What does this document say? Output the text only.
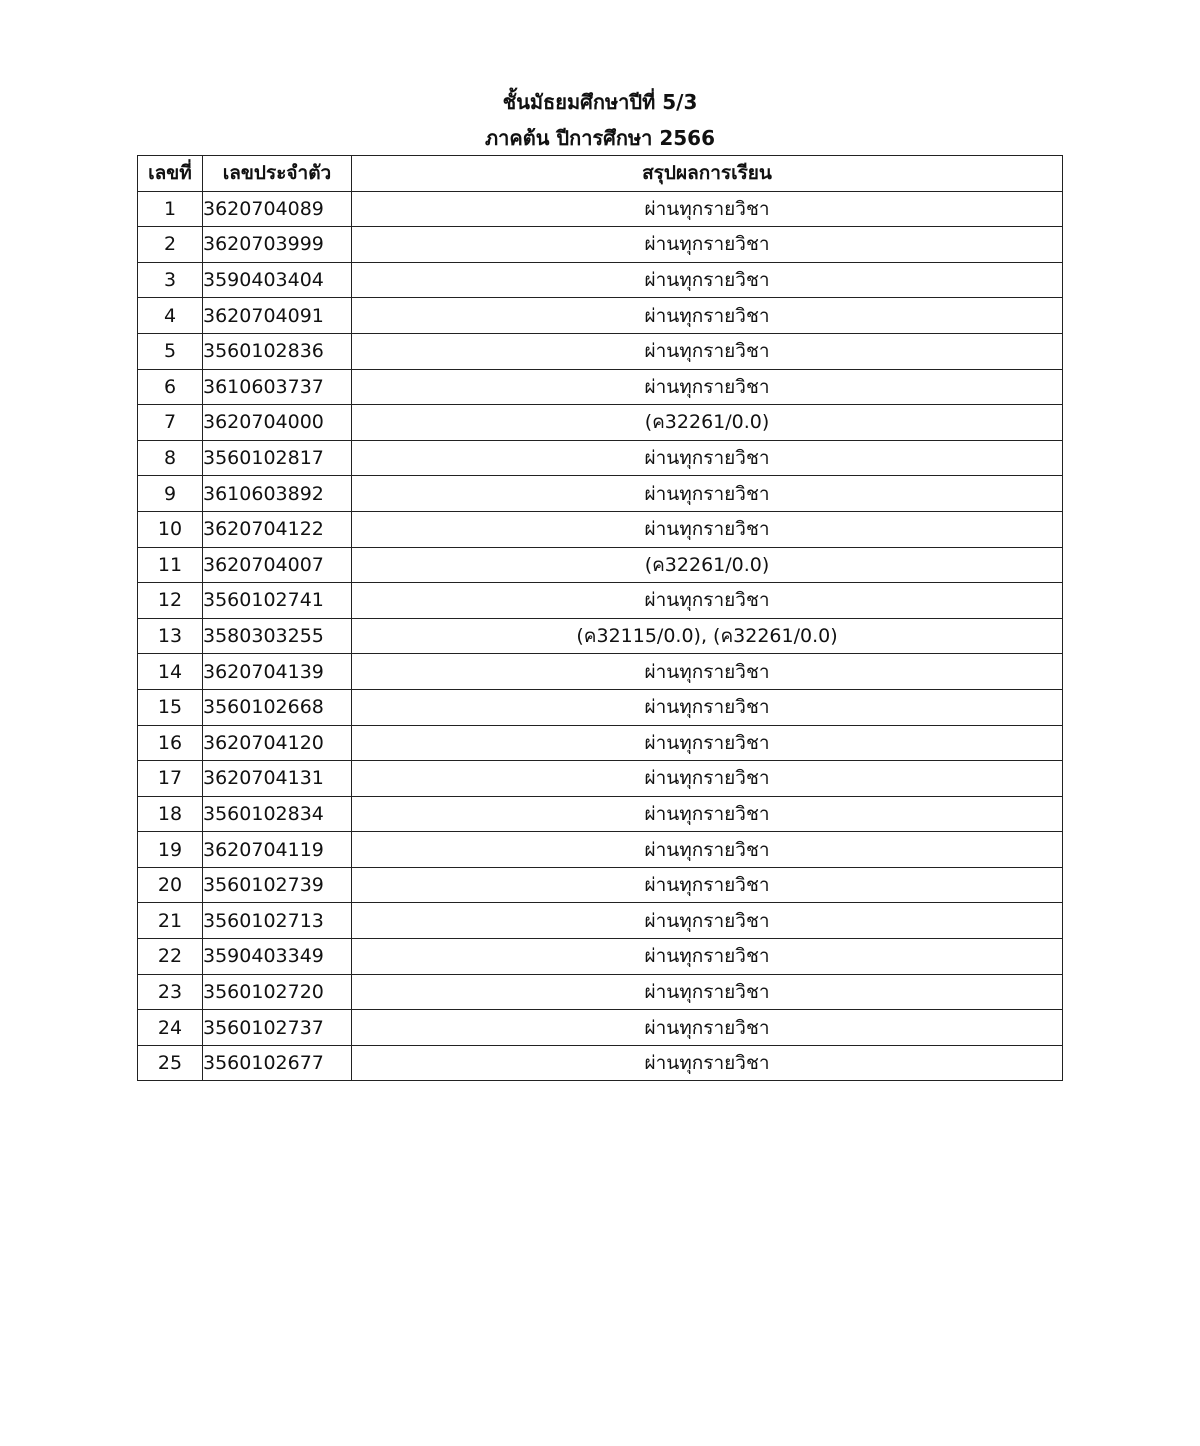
ชั้นมัธยมศึกษาปีที่ 5/3
ภาคต้น ปีการศึกษา 2566
เลขที่	เลขประจำตัว	สรุปผลการเรียน
1	3620704089	ผ่านทุกรายวิชา
2	3620703999	ผ่านทุกรายวิชา
3	3590403404	ผ่านทุกรายวิชา
4	3620704091	ผ่านทุกรายวิชา
5	3560102836	ผ่านทุกรายวิชา
6	3610603737	ผ่านทุกรายวิชา
7	3620704000	(ค32261/0.0)
8	3560102817	ผ่านทุกรายวิชา
9	3610603892	ผ่านทุกรายวิชา
10	3620704122	ผ่านทุกรายวิชา
11	3620704007	(ค32261/0.0)
12	3560102741	ผ่านทุกรายวิชา
13	3580303255	(ค32115/0.0), (ค32261/0.0)
14	3620704139	ผ่านทุกรายวิชา
15	3560102668	ผ่านทุกรายวิชา
16	3620704120	ผ่านทุกรายวิชา
17	3620704131	ผ่านทุกรายวิชา
18	3560102834	ผ่านทุกรายวิชา
19	3620704119	ผ่านทุกรายวิชา
20	3560102739	ผ่านทุกรายวิชา
21	3560102713	ผ่านทุกรายวิชา
22	3590403349	ผ่านทุกรายวิชา
23	3560102720	ผ่านทุกรายวิชา
24	3560102737	ผ่านทุกรายวิชา
25	3560102677	ผ่านทุกรายวิชา
